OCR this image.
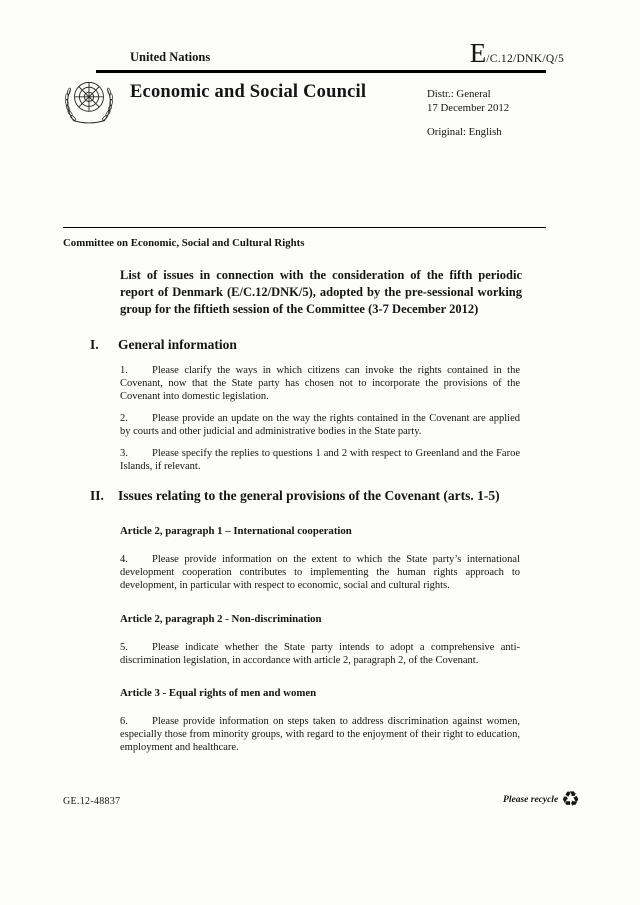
United Nations	E /C.12/DNK/Q/5
Economic and Social Council	Distr.: General
17 December 2012
Original: English
Committee on Economic, Social and Cultural Rights
List of issues in connection with the consideration of the fifth periodic report of Denmark (E/C.12/DNK/5), adopted by the pre-sessional working group for the fiftieth session of the Committee (3-7 December 2012)
I.	General information

1. Please clarify the ways in which citizens can invoke the rights contained in the Covenant, now that the State party has chosen not to incorporate the provisions of the Covenant into domestic legislation.

2. Please provide an update on the way the rights contained in the Covenant are applied by courts and other judicial and administrative bodies in the State party.

3. Please specify the replies to questions 1 and 2 with respect to Greenland and the Faroe Islands, if relevant.

II.	Issues relating to the general provisions of the Covenant (arts. 1-5)
Article 2, paragraph 1 – International cooperation

4. Please provide information on the extent to which the State party’s international development cooperation contributes to implementing the human rights approach to development, in particular with respect to economic, social and cultural rights.

Article 2, paragraph 2 - Non-discrimination

5. Please indicate whether the State party intends to adopt a comprehensive anti-discrimination legislation, in accordance with article 2, paragraph 2, of the Covenant.

Article 3 - Equal rights of men and women

6. Please provide information on steps taken to address discrimination against women, especially those from minority groups, with regard to the enjoyment of their right to education, employment and healthcare.

GE.12-48837	Please recycle ♻
